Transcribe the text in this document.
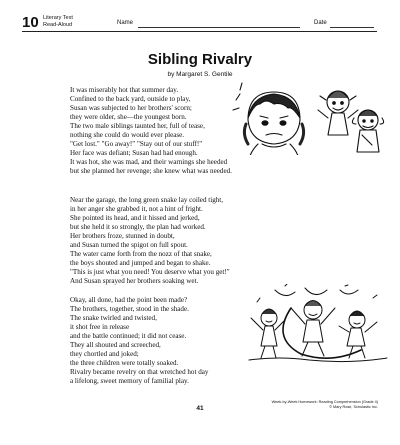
10 Literary Text
Read-Aloud	Name	Date
Sibling Rivalry
by Margaret S. Gentile
It was miserably hot that summer day.
Confined to the back yard, outside to play,
Susan was subjected to her brothers' scorn;
they were older, she—the youngest born.
The two male siblings taunted her, full of tease,
nothing she could do would ever please.
"Get lost." "Go away!" "Stay out of our stuff!"
Her face was defiant; Susan had had enough.
It was hot, she was mad, and their warnings she heeded
but she planned her revenge; she knew what was needed.
Near the garage, the long green snake lay coiled tight,
in her anger she grabbed it, not a hint of fright.
She pointed its head, and it hissed and jerked,
but she held it so strongly, the plan had worked.
Her brothers froze, stunned in doubt,
and Susan turned the spigot on full spout.
The water came forth from the nozz of that snake,
the boys shouted and jumped and began to shake.
"This is just what you need! You deserve what you get!"
And Susan sprayed her brothers soaking wet.
Okay, all done, had the point been made?
The brothers, together, stood in the shade.
The snake twirled and twisted,
it shot free in release
and the battle continued; it did not cease.
They all shouted and screeched,
they chortled and joked;
the three children were totally soaked.
Rivalry became revelry on that wretched hot day
a lifelong, sweet memory of familial play.
Week-by-Week Homework: Reading Comprehension (Grade 4)
© Mary Rose, Scholastic Inc.
41
